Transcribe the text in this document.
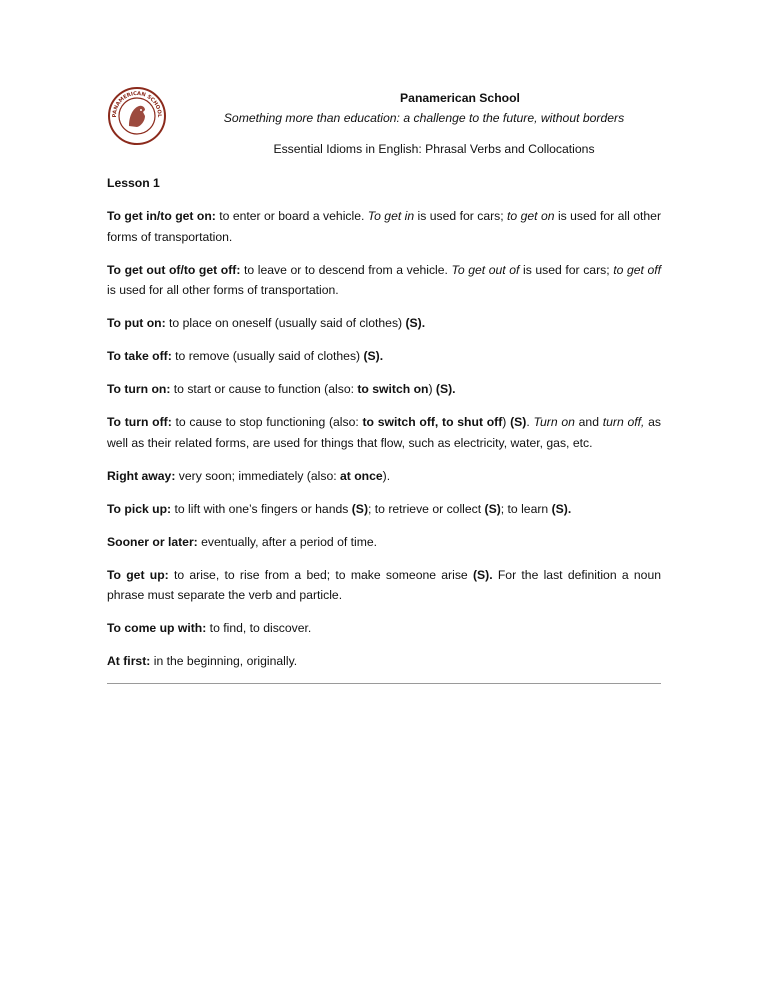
PANAMERICAN SCHOOL
Panamerican School
Something more than education: a challenge to the future, without borders
Essential Idioms in English: Phrasal Verbs and Collocations
Lesson 1

To get in/to get on: to enter or board a vehicle. To get in is used for cars; to get on is used for all other forms of transportation.

To get out of/to get off: to leave or to descend from a vehicle. To get out of is used for cars; to get off is used for all other forms of transportation.

To put on: to place on oneself (usually said of clothes) (S).

To take off: to remove (usually said of clothes) (S).

To turn on: to start or cause to function (also: to switch on) (S).

To turn off: to cause to stop functioning (also: to switch off, to shut off) (S). Turn on and turn off, as well as their related forms, are used for things that flow, such as electricity, water, gas, etc.

Right away: very soon; immediately (also: at once).

To pick up: to lift with one’s fingers or hands (S); to retrieve or collect (S); to learn (S).

Sooner or later: eventually, after a period of time.

To get up: to arise, to rise from a bed; to make someone arise (S). For the last definition a noun phrase must separate the verb and particle.

To come up with: to find, to discover.

At first: in the beginning, originally.
